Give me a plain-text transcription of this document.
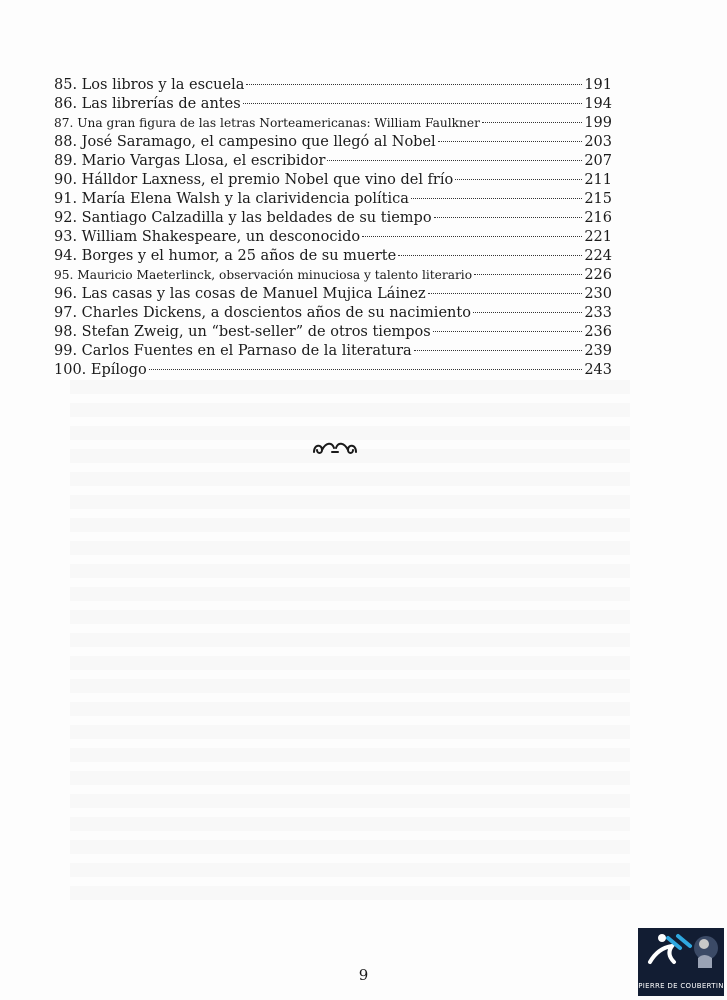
85. Los libros y la escuela	191
86. Las librerías de antes	194
87. Una gran figura de las letras Norteamericanas: William Faulkner	199
88. José Saramago, el campesino que llegó al Nobel	203
89. Mario Vargas Llosa, el escribidor	207
90. Hálldor Laxness, el premio Nobel que vino del frío	211
91. María Elena Walsh y la clarividencia política	215
92. Santiago Calzadilla y las beldades de su tiempo	216
93. William Shakespeare, un desconocido	221
94. Borges y el humor, a 25 años de su muerte	224
95. Mauricio Maeterlinck, observación minuciosa y talento literario	226
96. Las casas y las cosas de Manuel Mujica Láinez	230
97. Charles Dickens, a doscientos años de su nacimiento	233
98. Stefan Zweig, un “best-seller” de otros tiempos	236
99. Carlos Fuentes en el Parnaso de la literatura	239
100. Epílogo	243
9
PIERRE DE COUBERTIN
